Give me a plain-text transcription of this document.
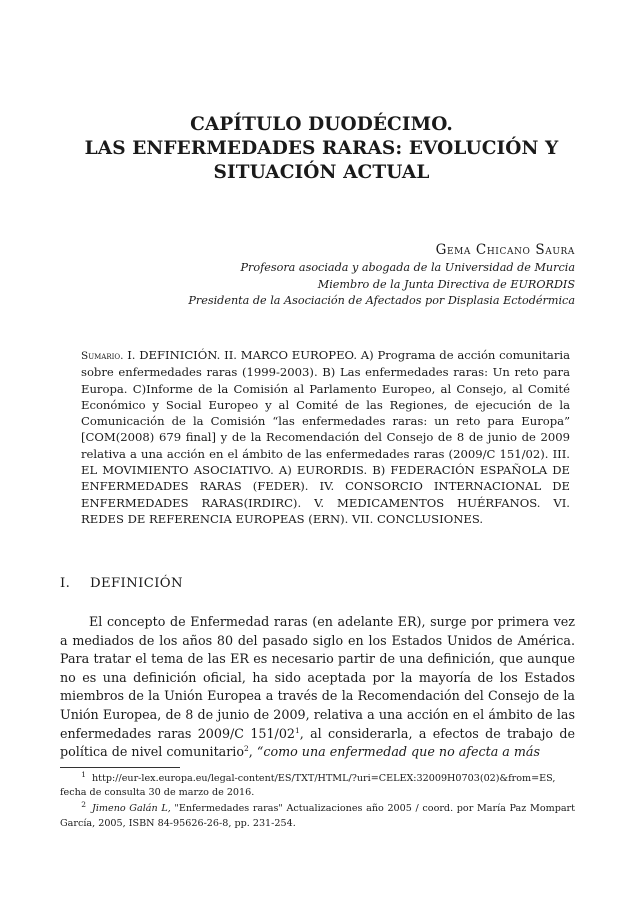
CAPÍTULO DUODÉCIMO.
LAS ENFERMEDADES RARAS: EVOLUCIÓN Y
SITUACIÓN ACTUAL
Gema Chicano Saura
Profesora asociada y abogada de la Universidad de Murcia
Miembro de la Junta Directiva de EURORDIS
Presidenta de la Asociación de Afectados por Displasia Ectodérmica
Sumario. I. DEFINICIÓN. II. MARCO EUROPEO. A) Programa de acción comunitaria sobre enfermedades raras (1999-2003). B) Las enfermedades raras: Un reto para Europa. C)Informe de la Comisión al Parlamento Europeo, al Consejo, al Comité Económico y Social Europeo y al Comité de las Regiones, de ejecución de la Comunicación de la Comisión “las enfermedades raras: un reto para Europa” [COM(2008) 679 final] y de la Recomendación del Consejo de 8 de junio de 2009 relativa a una acción en el ámbito de las enfermedades raras (2009/C 151/02). III. EL MOVIMIENTO ASOCIATIVO. A) EURORDIS. B) FEDERACIÓN ESPAÑOLA DE ENFERMEDADES RARAS (FEDER). IV. CONSORCIO INTERNACIONAL DE ENFERMEDADES RARAS(IRDIRC). V. MEDICAMENTOS HUÉRFANOS. VI. REDES DE REFERENCIA EUROPEAS (ERN). VII. CONCLUSIONES.
I. DEFINICIÓN

El concepto de Enfermedad raras (en adelante ER), surge por primera vez a mediados de los años 80 del pasado siglo en los Estados Unidos de América. Para tratar el tema de las ER es necesario partir de una definición, que aunque no es una definición oficial, ha sido aceptada por la mayoría de los Estados miembros de la Unión Europea a través de la Recomendación del Consejo de la Unión Europea, de 8 de junio de 2009, relativa a una acción en el ámbito de las enfermedades raras 2009/C $151/02^1$, al considerarla, a efectos de trabajo de política de nivel comunitario$^2$, “como una enfermedad que no afecta a más

$^1$ http://eur-lex.europa.eu/legal-content/ES/TXT/HTML/?uri=CELEX:32009H0703(02)&from=ES, fecha de consulta 30 de marzo de 2016.
$^2$ Jimeno Galán L, "Enfermedades raras" Actualizaciones año 2005 / coord. por María Paz Mompart García, 2005, ISBN 84-95626-26-8, pp. 231-254.
